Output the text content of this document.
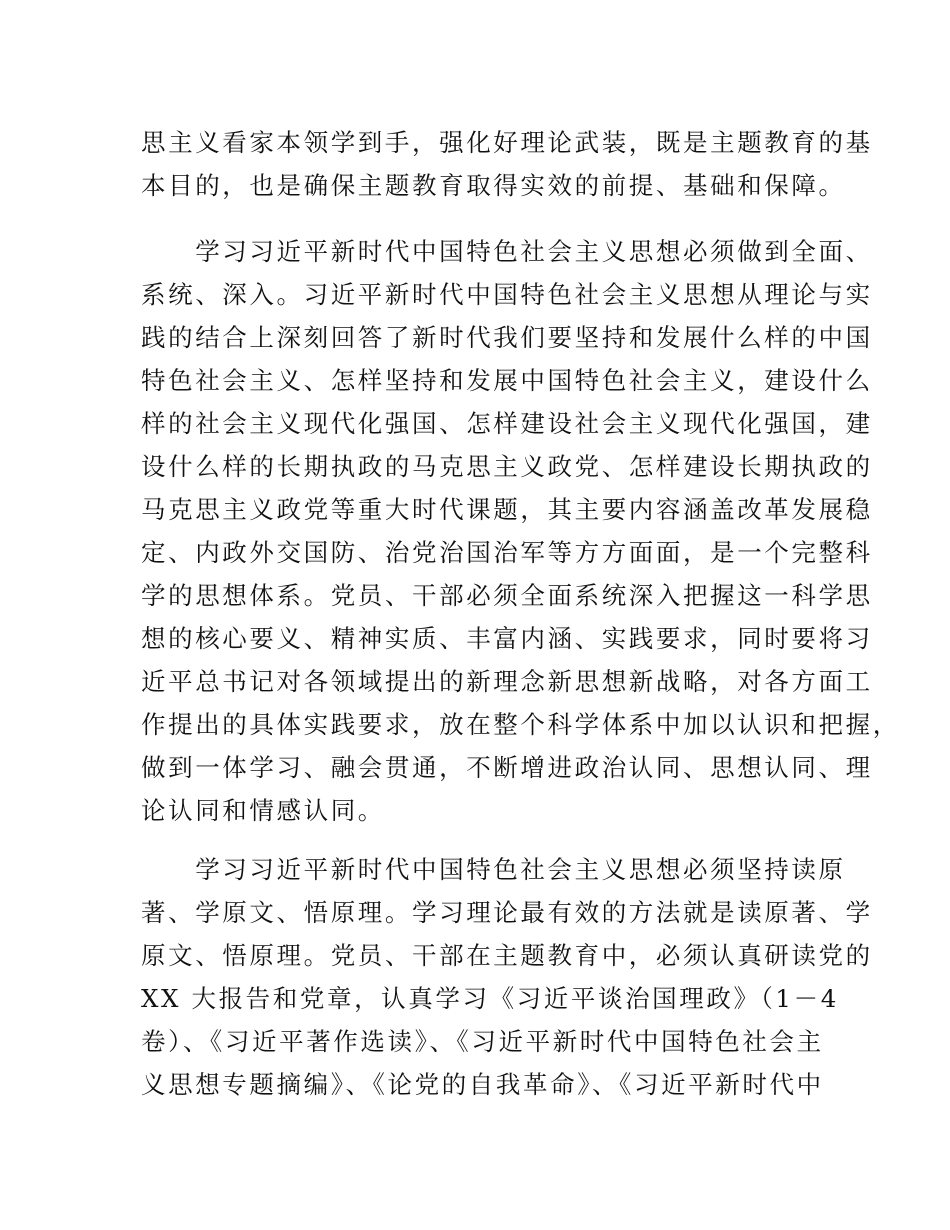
思主义看家本领学到手，强化好理论武装，既是主题教育的基
本目的，也是确保主题教育取得实效的前提、基础和保障。
　　学习习近平新时代中国特色社会主义思想必须做到全面、
系统、深入。习近平新时代中国特色社会主义思想从理论与实
践的结合上深刻回答了新时代我们要坚持和发展什么样的中国
特色社会主义、怎样坚持和发展中国特色社会主义，建设什么
样的社会主义现代化强国、怎样建设社会主义现代化强国，建
设什么样的长期执政的马克思主义政党、怎样建设长期执政的
马克思主义政党等重大时代课题，其主要内容涵盖改革发展稳
定、内政外交国防、治党治国治军等方方面面，是一个完整科
学的思想体系。党员、干部必须全面系统深入把握这一科学思
想的核心要义、精神实质、丰富内涵、实践要求，同时要将习
近平总书记对各领域提出的新理念新思想新战略，对各方面工
作提出的具体实践要求，放在整个科学体系中加以认识和把握，
做到一体学习、融会贯通，不断增进政治认同、思想认同、理
论认同和情感认同。
　　学习习近平新时代中国特色社会主义思想必须坚持读原
著、学原文、悟原理。学习理论最有效的方法就是读原著、学
原文、悟原理。党员、干部在主题教育中，必须认真研读党的
XX 大报告和党章，认真学习《习近平谈治国理政》（1－4
卷）、《习近平著作选读》、《习近平新时代中国特色社会主
义思想专题摘编》、《论党的自我革命》、《习近平新时代中
